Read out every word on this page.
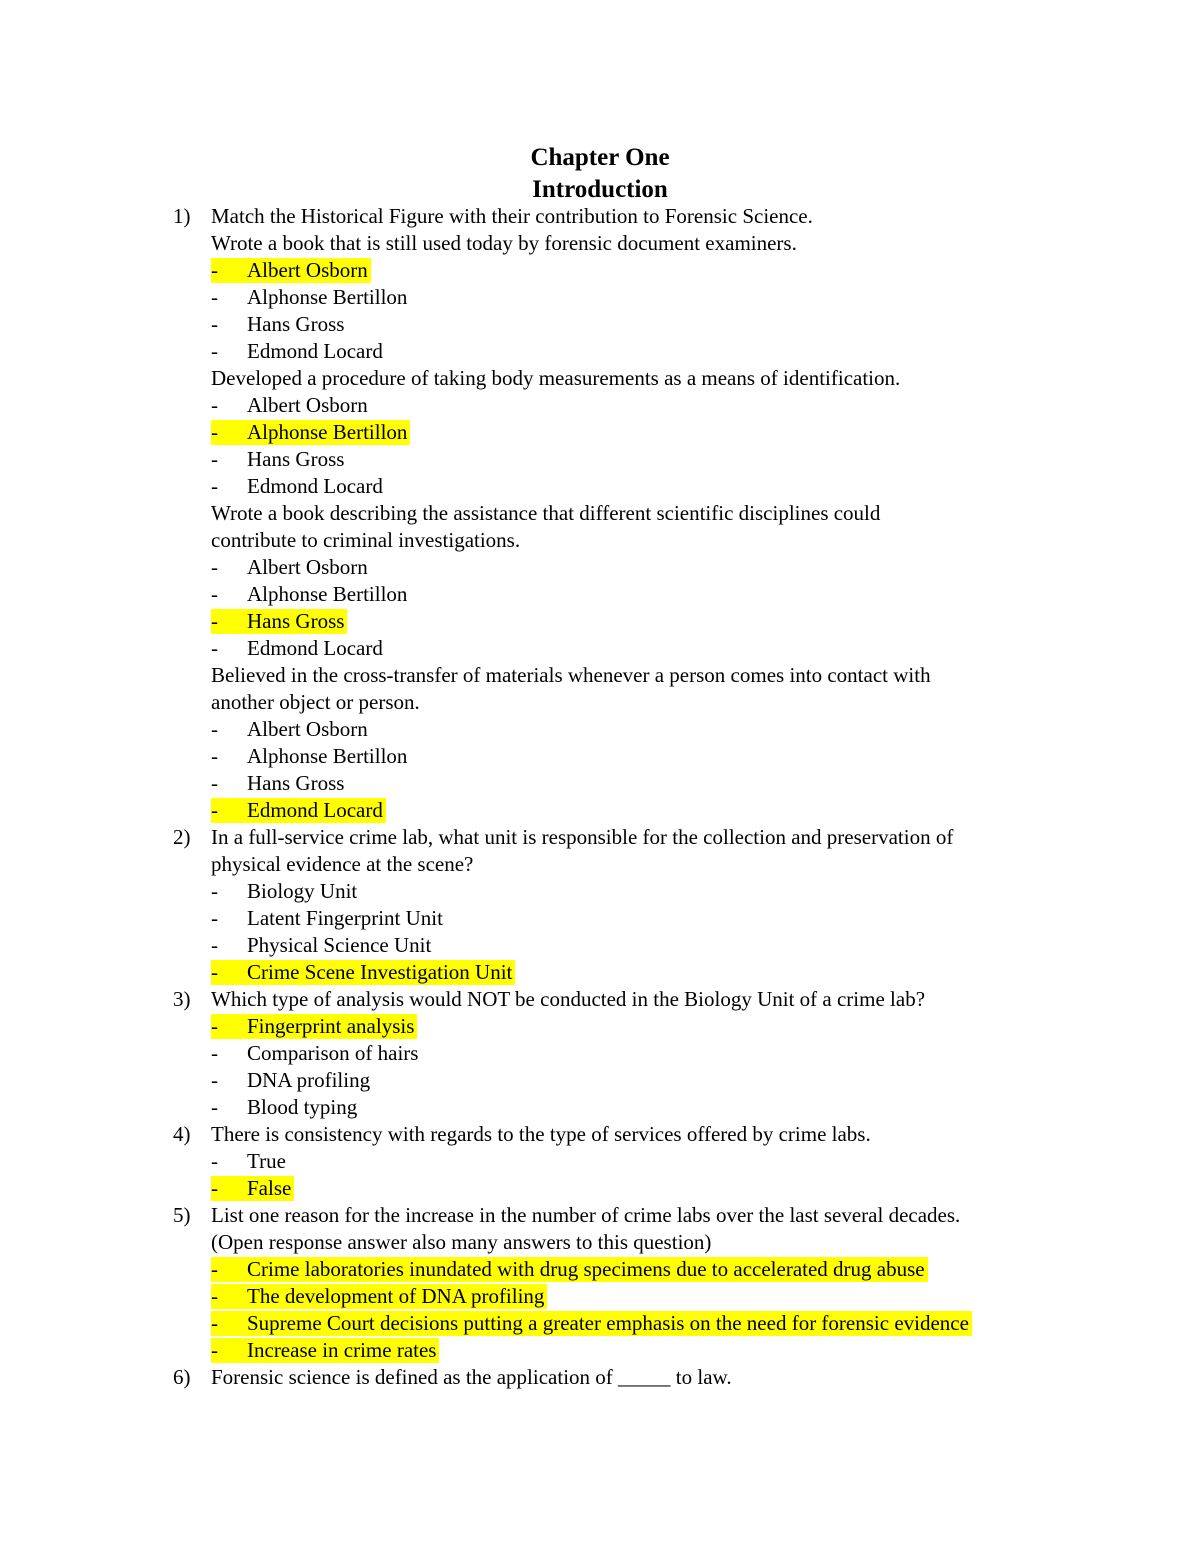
Chapter One
Introduction
1) Match the Historical Figure with their contribution to Forensic Science.
Wrote a book that is still used today by forensic document examiners.
- Albert Osborn
- Alphonse Bertillon
- Hans Gross
- Edmond Locard
Developed a procedure of taking body measurements as a means of identification.
- Albert Osborn
- Alphonse Bertillon
- Hans Gross
- Edmond Locard
Wrote a book describing the assistance that different scientific disciplines could
contribute to criminal investigations.
- Albert Osborn
- Alphonse Bertillon
- Hans Gross
- Edmond Locard
Believed in the cross-transfer of materials whenever a person comes into contact with
another object or person.
- Albert Osborn
- Alphonse Bertillon
- Hans Gross
- Edmond Locard
2) In a full-service crime lab, what unit is responsible for the collection and preservation of
physical evidence at the scene?
- Biology Unit
- Latent Fingerprint Unit
- Physical Science Unit
- Crime Scene Investigation Unit
3) Which type of analysis would NOT be conducted in the Biology Unit of a crime lab?
- Fingerprint analysis
- Comparison of hairs
- DNA profiling
- Blood typing
4) There is consistency with regards to the type of services offered by crime labs.
- True
- False
5) List one reason for the increase in the number of crime labs over the last several decades.
(Open response answer also many answers to this question)
- Crime laboratories inundated with drug specimens due to accelerated drug abuse
- The development of DNA profiling
- Supreme Court decisions putting a greater emphasis on the need for forensic evidence
- Increase in crime rates
6) Forensic science is defined as the application of _____ to law.
